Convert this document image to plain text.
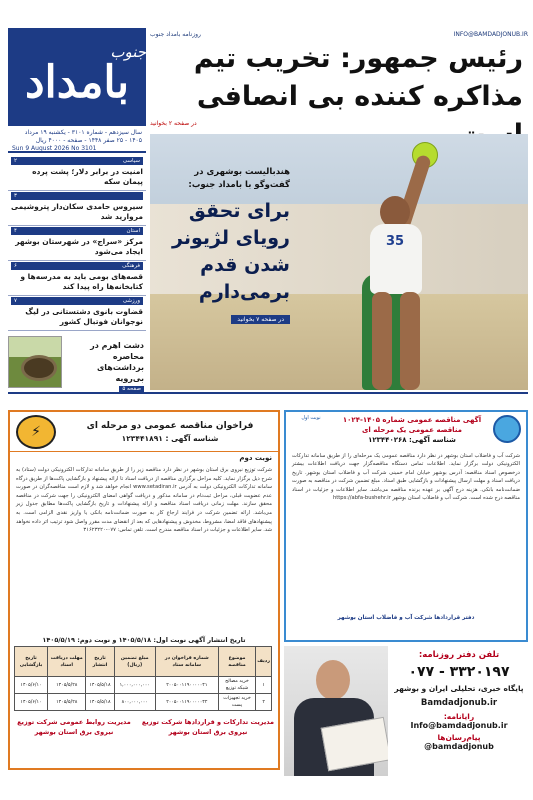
INFO@BAMDADJONUB.IR
روزنامه بامداد جنوب
جنوب
بامداد	رئیس جمهور: تخریب تیم
مذاکره کننده بی انصافی
در صفحه ۲ بخوانید
سال سیزدهم - شماره ۳۱۰۱ - یکشنبه ۱۹ مرداد ۱۴۰۵ - ۲۵ صفر ۱۴۴۸ - صفحه - ۴۰۰۰ ریال
Sun 9 August 2026 No 3101
سیاسی
۲

امنیت در برابر دلار؛ پشت پرده پیمان سکه

۳

سیروس حامدی سکان‌دار پتروشیمی مروارید شد

استان
۴

مرکز «سراج» در شهرستان بوشهر ایجاد می‌شود

فرهنگی
۶

قصه‌های بومی باید به مدرسه‌ها و کتابخانه‌ها راه پیدا کند

ورزشی
۷

قضاوت بانوی دشتستانی در لیگ نوجوانان فوتبال کشور

دشت اهرم در محاصره برداشت‌های بی‌رویه
صفحه ۵
35
هندبالیست بوشهری در گفت‌وگو با بامداد جنوب:
برای تحقق رویای لژیونر شدن قدم برمی‌دارم
در صفحه ۷ بخوانید
آگهی مناقصه عمومی شماره ۱۴۰۵-۱۰۲۴
مناقصه عمومی یک مرحله ای
شناسه آگهی: ۱۲۳۴۴۰۲۶۸
نوبت اول
شرکت آب و فاضلاب استان بوشهر در نظر دارد مناقصه عمومی یک مرحله‌ای را از طریق سامانه تدارکات الکترونیکی دولت برگزار نماید. اطلاعات تماس دستگاه مناقصه‌گزار جهت دریافت اطلاعات بیشتر درخصوص اسناد مناقصه: آدرس بوشهر خیابان امام خمینی شرکت آب و فاضلاب استان بوشهر. تاریخ دریافت اسناد و مهلت ارسال پیشنهادات و بازگشایی طبق اسناد. مبلغ تضمین شرکت در مناقصه به صورت ضمانت‌نامه بانکی. هزینه درج آگهی بر عهده برنده مناقصه می‌باشد. سایر اطلاعات و جزئیات در اسناد مناقصه درج شده است. شرکت آب و فاضلاب استان بوشهر https://abfa-bushehr.ir
دفتر قراردادها شرکت آب و فاضلاب استان بوشهر
فراخوان مناقصه عمومی دو مرحله ای
شناسه آگهی : ۱۲۳۴۴۱۸۹۱
⚡
نوبت دوم
شرکت توزیع نیروی برق استان بوشهر در نظر دارد مناقصه زیر را از طریق سامانه تدارکات الکترونیکی دولت (ستاد) به شرح ذیل برگزار نماید. کلیه مراحل برگزاری مناقصه از دریافت اسناد تا ارائه پیشنهاد و بازگشایی پاکت‌ها از طریق درگاه سامانه تدارکات الکترونیکی دولت به آدرس www.setadiran.ir انجام خواهد شد و لازم است مناقصه‌گران در صورت عدم عضویت قبلی، مراحل ثبت‌نام در سامانه مذکور و دریافت گواهی امضای الکترونیکی را جهت شرکت در مناقصه محقق سازند. مهلت زمانی دریافت اسناد مناقصه و ارائه پیشنهادات و تاریخ بازگشایی پاکت‌ها مطابق جدول زیر می‌باشد. ارائه تضمین شرکت در فرایند ارجاع کار به صورت ضمانت‌نامه بانکی یا واریز نقدی الزامی است. به پیشنهادهای فاقد امضا، مشروط، مخدوش و پیشنهادهایی که بعد از انقضای مدت مقرر واصل شود ترتیب اثر داده نخواهد شد. سایر اطلاعات و جزئیات در اسناد مناقصه مندرج است. تلفن تماس: ۰۷۷-۳۱۶۲۳۲۲۰
تاریخ انتشار آگهی نوبت اول: ۱۴۰۵/۵/۱۸ و نوبت دوم: ۱۴۰۵/۵/۱۹
ردیف	موضوع مناقصه	شماره فراخوان در سامانه ستاد	مبلغ تضمین (ریال)	تاریخ انتشار	مهلت دریافت اسناد	تاریخ بازگشایی
۱	خرید مصالح شبکه توزیع	۲۰۰۵۰۰۱۱۹۰۰۰۰۰۴۱	۱,۰۰۰,۰۰۰,۰۰۰	۱۴۰۵/۵/۱۸	۱۴۰۵/۵/۲۸	۱۴۰۵/۶/۱۰
۲	خرید تجهیزات پست	۲۰۰۵۰۰۱۱۹۰۰۰۰۰۴۲	۸۰۰,۰۰۰,۰۰۰	۱۴۰۵/۵/۱۸	۱۴۰۵/۵/۲۸	۱۴۰۵/۶/۱۰
مدیریت تدارکات و قراردادها شرکت توزیع نیروی برق استان بوشهر
مدیریت روابط عمومی شرکت توزیع نیروی برق استان بوشهر
تلفن دفتر روزنامه:
۰۷۷ - ۳۳۲۰۱۹۷
پایگاه خبری، تحلیلی ایران و بوشهر
Bamdadjonub.ir
رایانامه:
Info@bamdadjonub.ir
پیام‌رسان‌ها
@bamdadjonub
